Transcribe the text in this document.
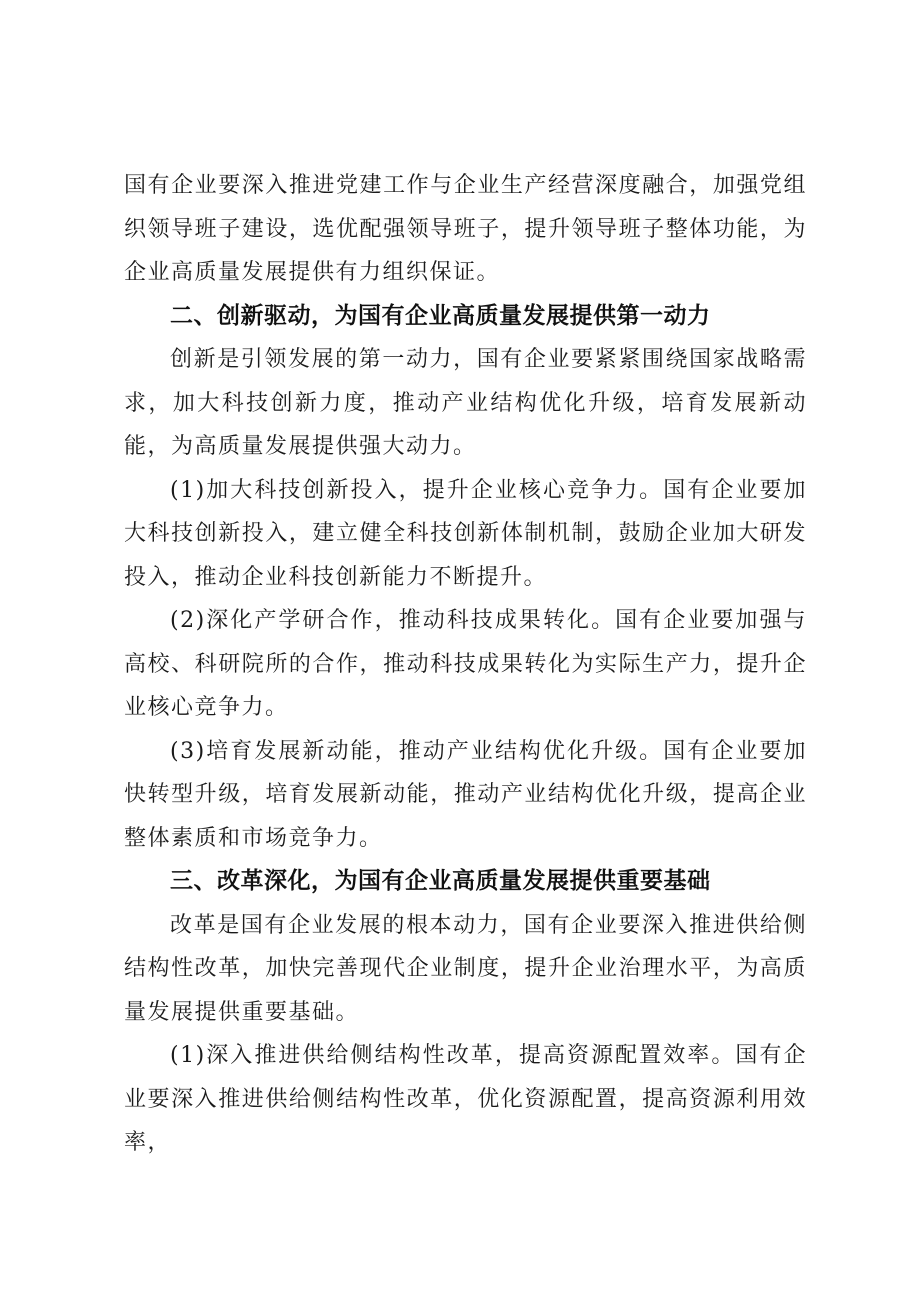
国有企业要深入推进党建工作与企业生产经营深度融合，加强党组织领导班子建设，选优配强领导班子，提升领导班子整体功能，为企业高质量发展提供有力组织保证。

二、创新驱动，为国有企业高质量发展提供第一动力

创新是引领发展的第一动力，国有企业要紧紧围绕国家战略需求，加大科技创新力度，推动产业结构优化升级，培育发展新动能，为高质量发展提供强大动力。

(1)加大科技创新投入，提升企业核心竞争力。国有企业要加大科技创新投入，建立健全科技创新体制机制，鼓励企业加大研发投入，推动企业科技创新能力不断提升。

(2)深化产学研合作，推动科技成果转化。国有企业要加强与高校、科研院所的合作，推动科技成果转化为实际生产力，提升企业核心竞争力。

(3)培育发展新动能，推动产业结构优化升级。国有企业要加快转型升级，培育发展新动能，推动产业结构优化升级，提高企业整体素质和市场竞争力。

三、改革深化，为国有企业高质量发展提供重要基础

改革是国有企业发展的根本动力，国有企业要深入推进供给侧结构性改革，加快完善现代企业制度，提升企业治理水平，为高质量发展提供重要基础。

(1)深入推进供给侧结构性改革，提高资源配置效率。国有企业要深入推进供给侧结构性改革，优化资源配置，提高资源利用效率，
